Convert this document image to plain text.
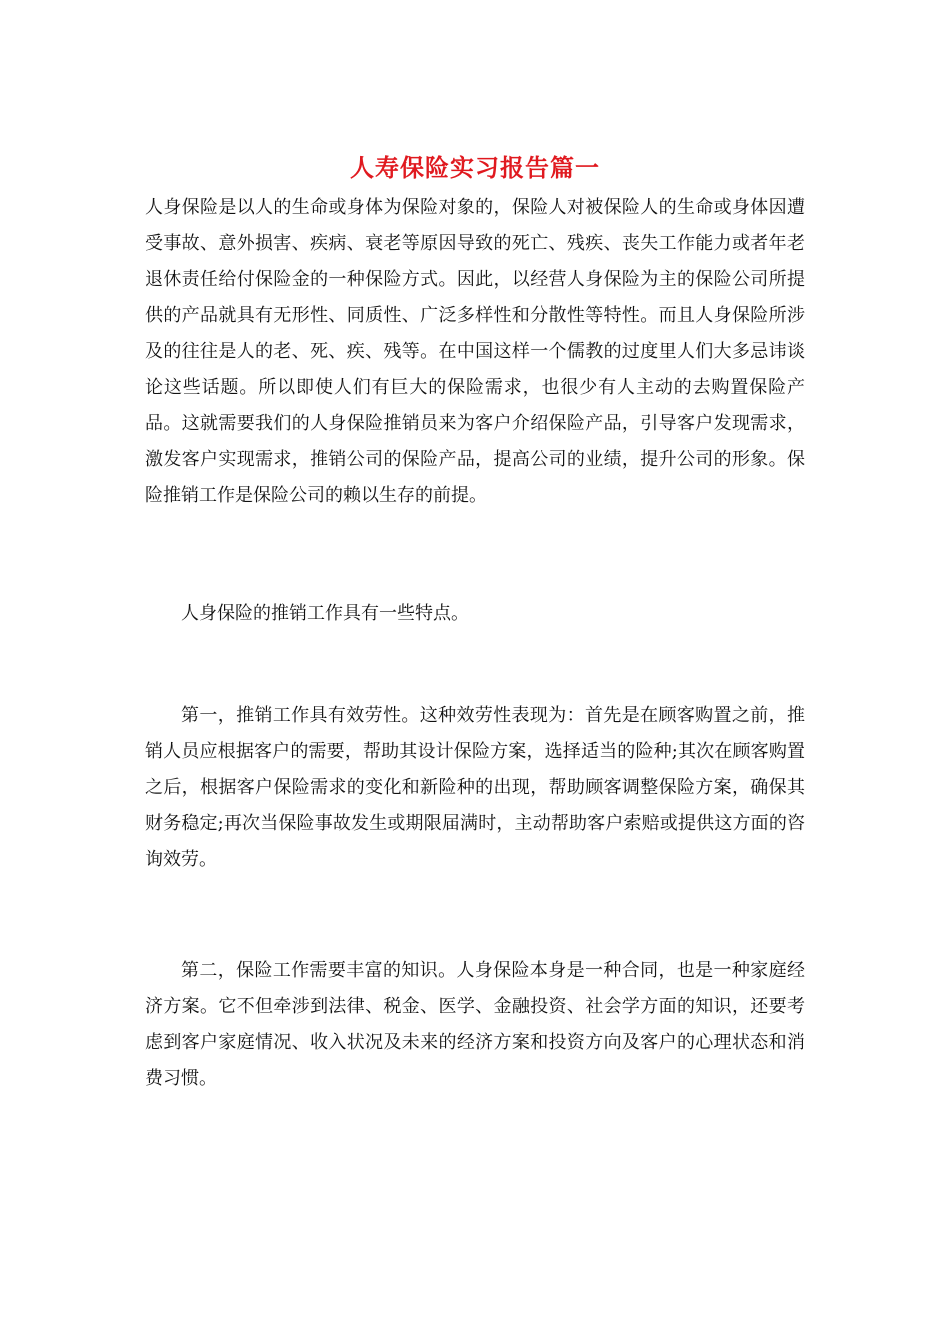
人寿保险实习报告篇一

人身保险是以人的生命或身体为保险对象的，保险人对被保险人的生命或身体因遭受事故、意外损害、疾病、衰老等原因导致的死亡、残疾、丧失工作能力或者年老退休责任给付保险金的一种保险方式。因此，以经营人身保险为主的保险公司所提供的产品就具有无形性、同质性、广泛多样性和分散性等特性。而且人身保险所涉及的往往是人的老、死、疾、残等。在中国这样一个儒教的过度里人们大多忌讳谈论这些话题。所以即使人们有巨大的保险需求，也很少有人主动的去购置保险产品。这就需要我们的人身保险推销员来为客户介绍保险产品，引导客户发现需求，激发客户实现需求，推销公司的保险产品，提高公司的业绩，提升公司的形象。保险推销工作是保险公司的赖以生存的前提。

人身保险的推销工作具有一些特点。

第一，推销工作具有效劳性。这种效劳性表现为：首先是在顾客购置之前，推销人员应根据客户的需要，帮助其设计保险方案，选择适当的险种;其次在顾客购置之后，根据客户保险需求的变化和新险种的出现，帮助顾客调整保险方案，确保其财务稳定;再次当保险事故发生或期限届满时，主动帮助客户索赔或提供这方面的咨询效劳。

第二，保险工作需要丰富的知识。人身保险本身是一种合同，也是一种家庭经济方案。它不但牵涉到法律、税金、医学、金融投资、社会学方面的知识，还要考虑到客户家庭情况、收入状况及未来的经济方案和投资方向及客户的心理状态和消费习惯。
